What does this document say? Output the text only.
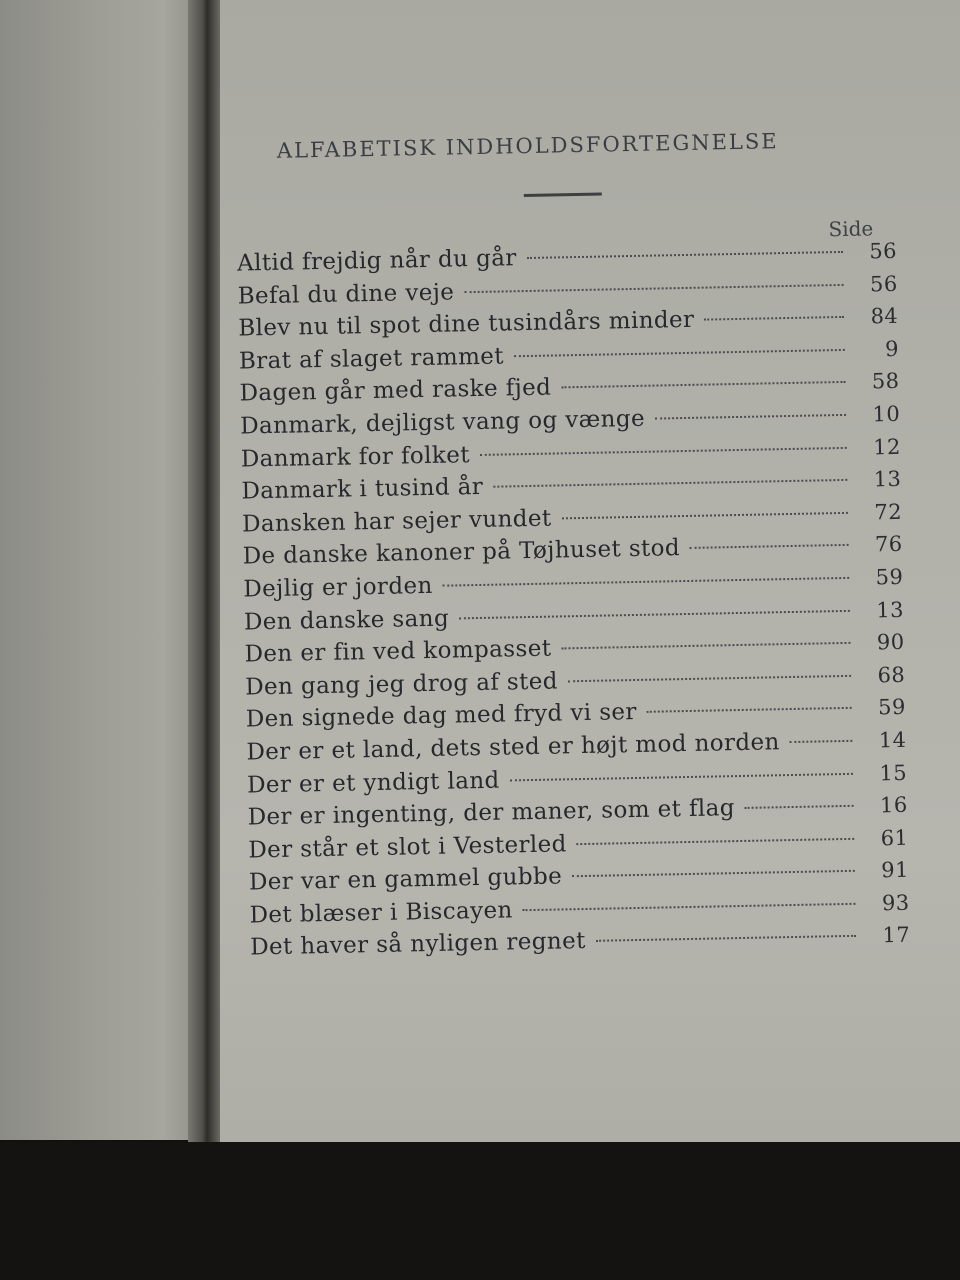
ALFABETISK INDHOLDSFORTEGNELSE
Side
Altid frejdig når du går	56
Befal du dine veje	56
Blev nu til spot dine tusindårs minder	84
Brat af slaget rammet	9
Dagen går med raske fjed	58
Danmark, dejligst vang og vænge	10
Danmark for folket	12
Danmark i tusind år	13
Dansken har sejer vundet	72
De danske kanoner på Tøjhuset stod	76
Dejlig er jorden	59
Den danske sang	13
Den er fin ved kompasset	90
Den gang jeg drog af sted	68
Den signede dag med fryd vi ser	59
Der er et land, dets sted er højt mod norden	14
Der er et yndigt land	15
Der er ingenting, der maner, som et flag	16
Der står et slot i Vesterled	61
Der var en gammel gubbe	91
Det blæser i Biscayen	93
Det haver så nyligen regnet	17
